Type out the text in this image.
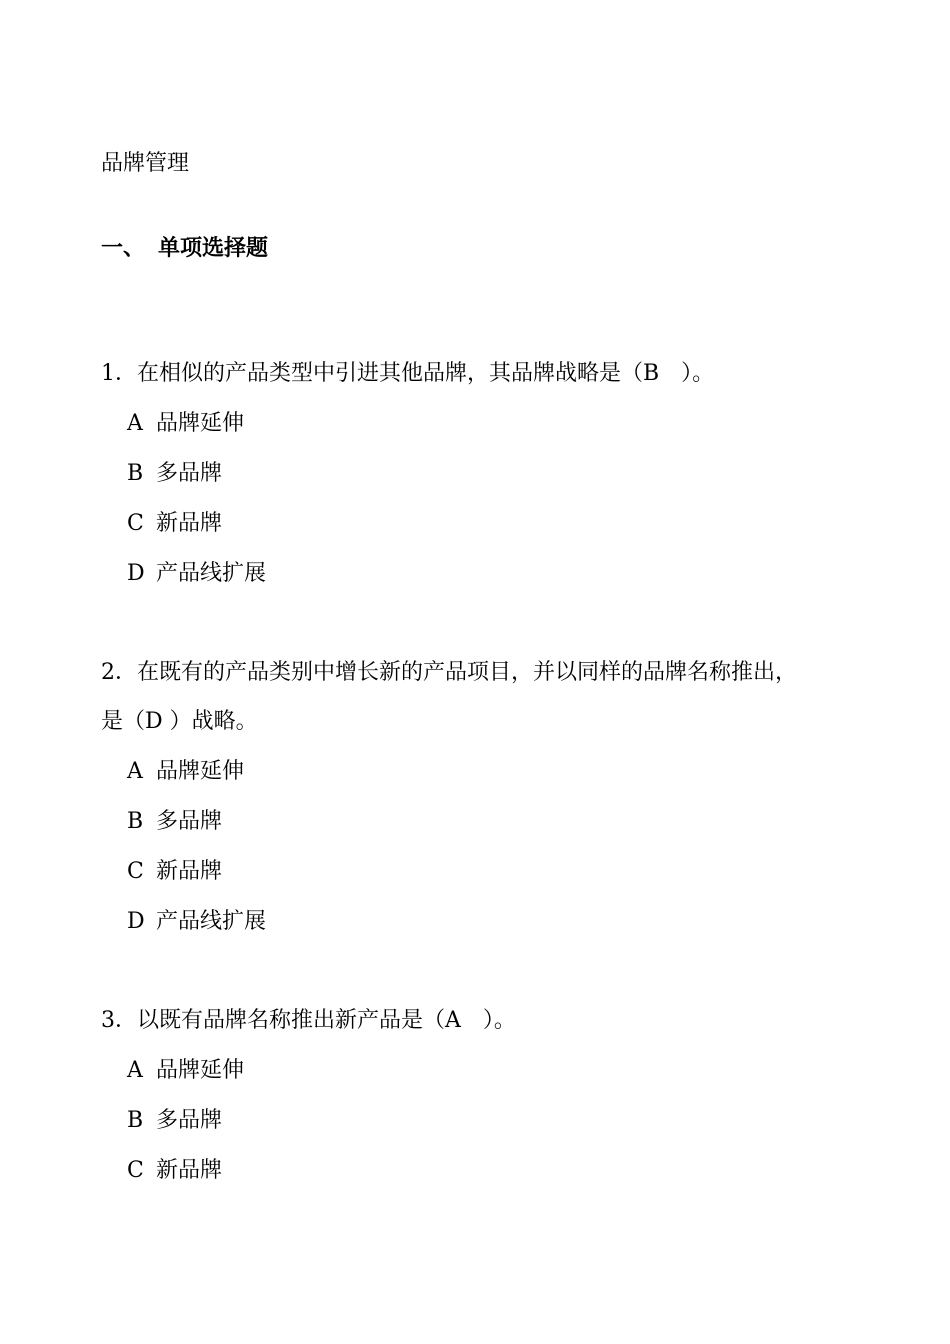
品牌管理
一、 单项选择题
1．在相似的产品类型中引进其他品牌，其品牌战略是（B　）。
A 品牌延伸
B 多品牌
C 新品牌
D 产品线扩展
2．在既有的产品类别中增长新的产品项目，并以同样的品牌名称推出，
是（D ）战略。
A 品牌延伸
B 多品牌
C 新品牌
D 产品线扩展
3．以既有品牌名称推出新产品是（A　）。
A 品牌延伸
B 多品牌
C 新品牌
